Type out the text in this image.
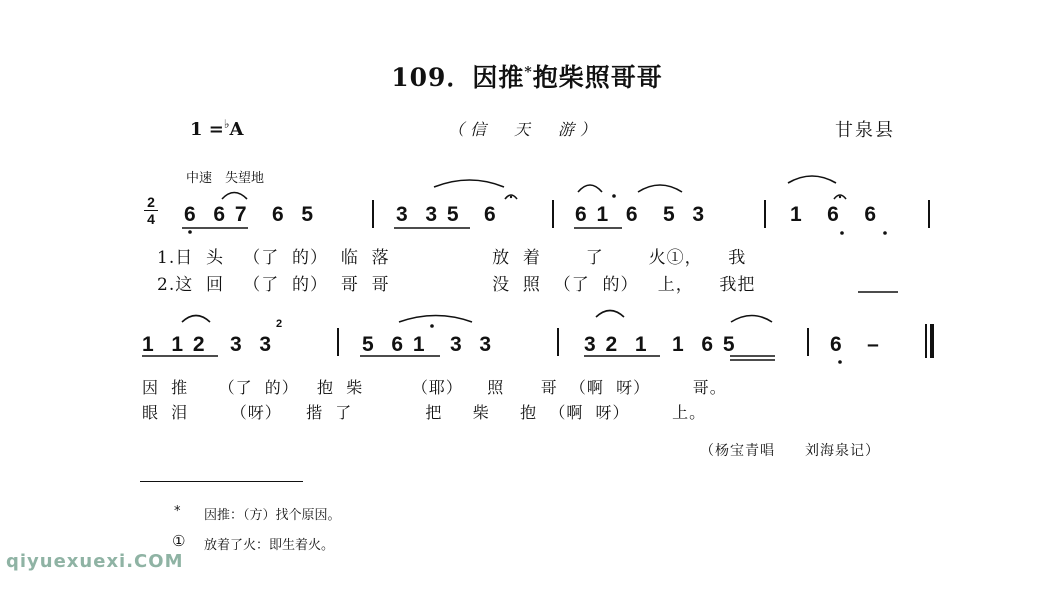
109．因推*抱柴照哥哥
1 =♭A	（信　天　游）	甘泉县
中速　失望地
2
4 6  6 7   6  5	3  3 5   6	6 1  6   5  3	1   6   6
1.日  头   （了  的）  临  落                放  着       了       火①，    我
2.这  回   （了  的）  哥  哥                没  照  （了  的）   上，    我把
1  1 2   3  3
2
5  6 1   3  3	3 2  1   1  6 5	6   –
因  推     （了  的）   抱  柴        （耶）    照      哥  （啊  呀）       哥。
眼  泪       （呀）    揩  了            把     柴     抱  （啊  呀）       上。
（杨宝青唱　　刘海泉记）
* 因推：（方）找个原因。
① 放着了火：即生着火。
qiyuexuexi.COM
